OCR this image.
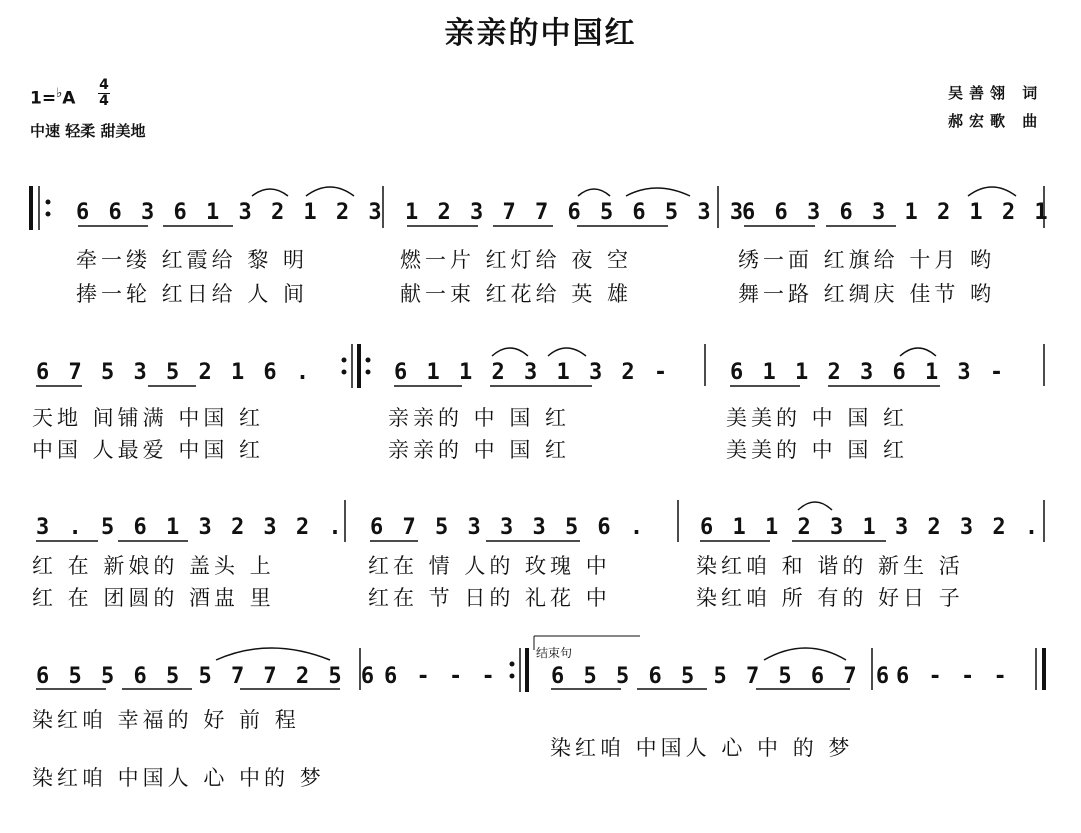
亲亲的中国红
1=♭A
4
4
中速 轻柔 甜美地
吴善翎 词
郝宏歌 曲
6 6 3 6 1 3 2 1 2 3 1 2 3 7 7 6 5 6 5 3 3
6 6 3 6 3 1 2 1 2 1
牵一缕 红霞给 黎 明	燃一片 红灯给 夜 空	绣一面 红旗给 十月 哟
捧一轮 红日给 人 间	献一束 红花给 英 雄	舞一路 红绸庆 佳节 哟
6 7 5 3 5 2 1 6 .	6 1 1 2 3 1 3 2 -	6 1 1 2 3 6 1 3 -
天地 间铺满 中国 红	亲亲的 中 国 红	美美的 中 国 红
中国 人最爱 中国 红	亲亲的 中 国 红	美美的 中 国 红
3 . 5 6 1 3 2 3 2 . 6 7 5 3 3 3 5 6 . 6 1 1 2 3 1 3 2 3 2 .
红 在 新娘的 盖头 上	红在 情 人的 玫瑰 中	染红咱 和 谐的 新生 活
红 在 团圆的 酒盅 里	红在 节 日的 礼花 中	染红咱 所 有的 好日 子
6 5 5 6 5 5 7 7 2 5 6 6 - - -
结束句
6 5 5 6 5 5 7 5 6 7 6 6 - - -
染红咱 幸福的 好 前 程
染红咱 中国人 心 中 的 梦
染红咱 中国人 心 中的 梦
